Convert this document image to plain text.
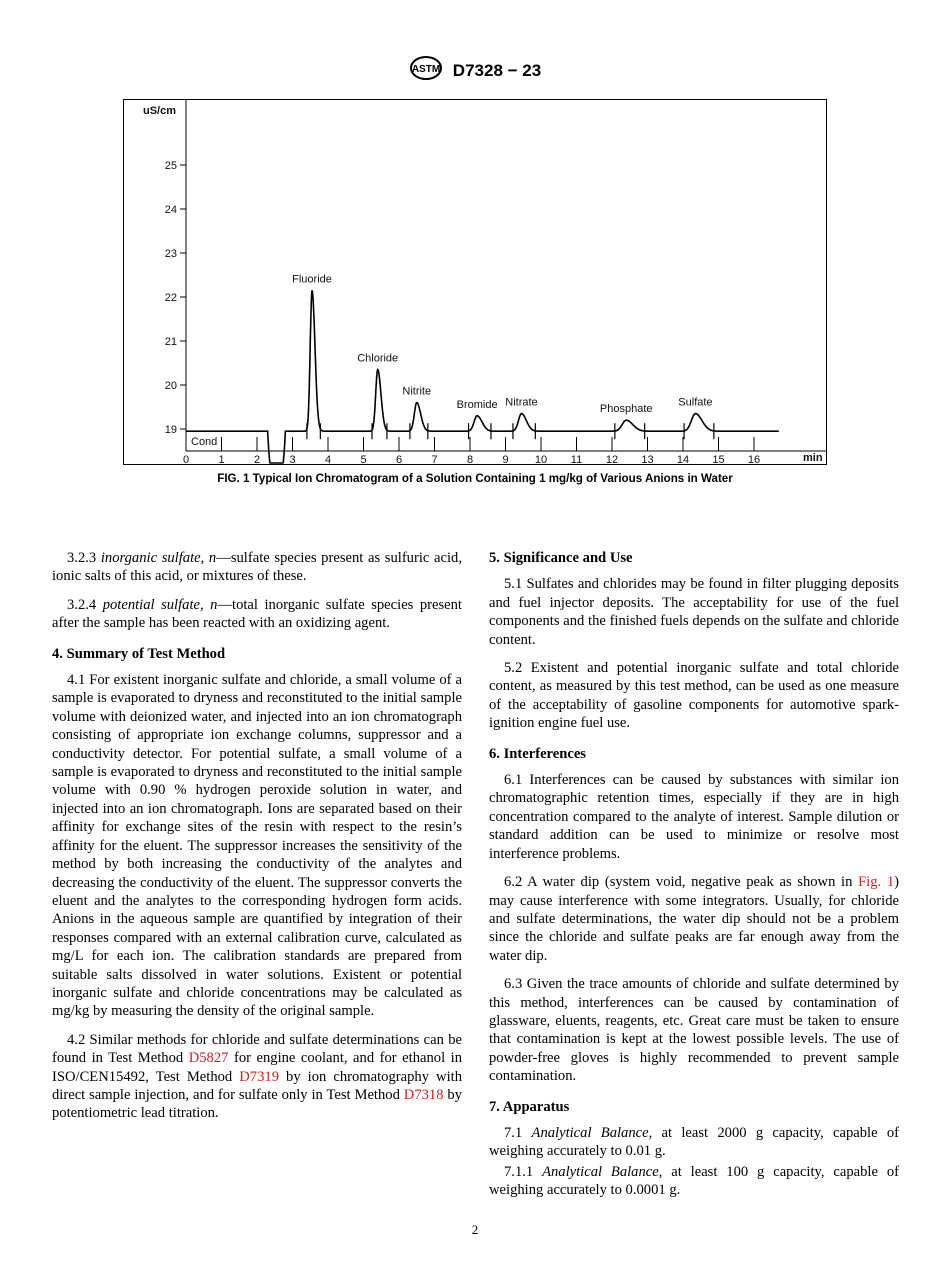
ASTM D7328 − 23
uS/cm
min
Cond
19
20
21
22
23
24
25
0	1	2	3	4	5	6	7	8	9 10 11 12 13 14 15 16
Fluoride
Chloride
Nitrite
Bromide Nitrate
Phosphate
Sulfate
FIG. 1 Typical Ion Chromatogram of a Solution Containing 1 mg/kg of Various Anions in Water

3.2.3 inorganic sulfate, n—sulfate species present as sulfuric acid, ionic salts of this acid, or mixtures of these.

3.2.4 potential sulfate, n—total inorganic sulfate species present after the sample has been reacted with an oxidizing agent.

4. Summary of Test Method

4.1 For existent inorganic sulfate and chloride, a small volume of a sample is evaporated to dryness and reconstituted to the initial sample volume with deionized water, and injected into an ion chromatograph consisting of appropriate ion exchange columns, suppressor and a conductivity detector. For potential sulfate, a small volume of a sample is evaporated to dryness and reconstituted to the initial sample volume with 0.90 % hydrogen peroxide solution in water, and injected into an ion chromatograph. Ions are separated based on their affinity for exchange sites of the resin with respect to the resin’s affinity for the eluent. The suppressor increases the sensitivity of the method by both increasing the conductivity of the analytes and decreasing the conductivity of the eluent. The suppressor converts the eluent and the analytes to the corresponding hydrogen form acids. Anions in the aqueous sample are quantified by integration of their responses compared with an external calibration curve, calculated as mg/L for each ion. The calibration standards are prepared from suitable salts dissolved in water solutions. Existent or potential inorganic sulfate and chloride concentrations may be calculated as mg/kg by measuring the density of the original sample.

4.2 Similar methods for chloride and sulfate determinations can be found in Test Method D5827 for engine coolant, and for ethanol in ISO/CEN15492, Test Method D7319 by ion chromatography with direct sample injection, and for sulfate only in Test Method D7318 by potentiometric lead titration.

5. Significance and Use

5.1 Sulfates and chlorides may be found in filter plugging deposits and fuel injector deposits. The acceptability for use of the fuel components and the finished fuels depends on the sulfate and chloride content.

5.2 Existent and potential inorganic sulfate and total chloride content, as measured by this test method, can be used as one measure of the acceptability of gasoline components for automotive spark-ignition engine fuel use.

6. Interferences

6.1 Interferences can be caused by substances with similar ion chromatographic retention times, especially if they are in high concentration compared to the analyte of interest. Sample dilution or standard addition can be used to minimize or resolve most interference problems.

6.2 A water dip (system void, negative peak as shown in Fig. 1) may cause interference with some integrators. Usually, for chloride and sulfate determinations, the water dip should not be a problem since the chloride and sulfate peaks are far enough away from the water dip.

6.3 Given the trace amounts of chloride and sulfate determined by this method, interferences can be caused by contamination of glassware, eluents, reagents, etc. Great care must be taken to ensure that contamination is kept at the lowest possible levels. The use of powder-free gloves is highly recommended to prevent sample contamination.

7. Apparatus

7.1 Analytical Balance, at least 2000 g capacity, capable of weighing accurately to 0.01 g.

7.1.1 Analytical Balance, at least 100 g capacity, capable of weighing accurately to 0.0001 g.

2
